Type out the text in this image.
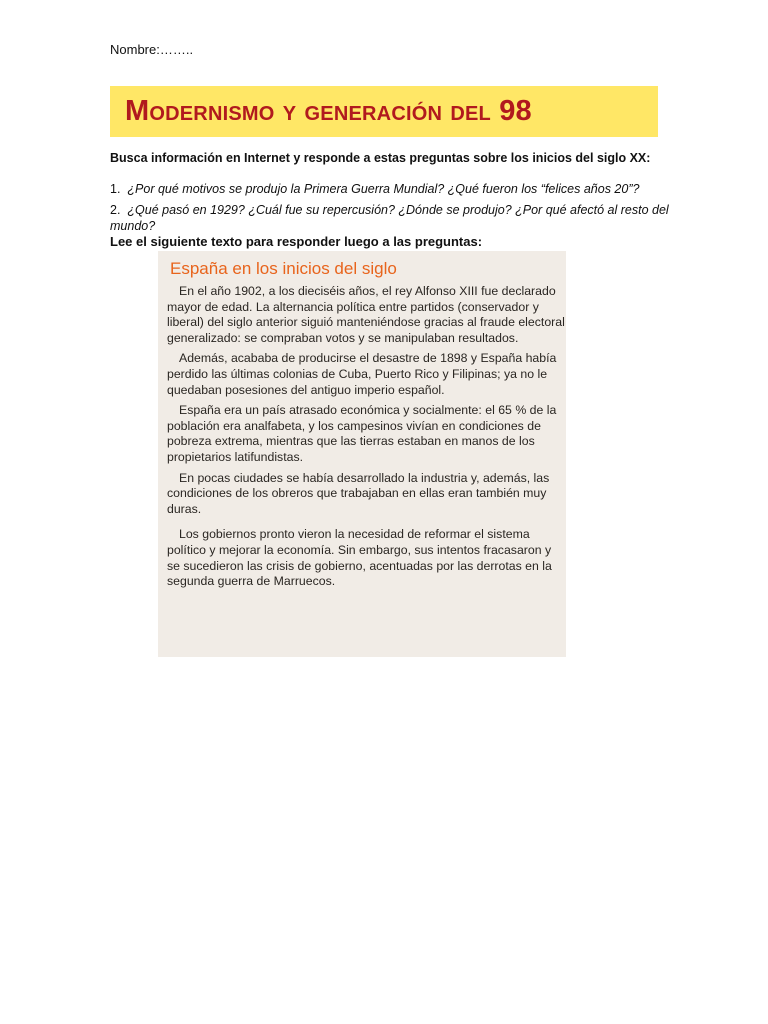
Nombre:……..
Modernismo y generación del 98
Busca información en Internet y responde a estas preguntas sobre los inicios del siglo XX:
1. ¿Por qué motivos se produjo la Primera Guerra Mundial? ¿Qué fueron los “felices años 20”?
2. ¿Qué pasó en 1929? ¿Cuál fue su repercusión? ¿Dónde se produjo? ¿Por qué afectó al resto del mundo?
Lee el siguiente texto para responder luego a las preguntas:
España en los inicios del siglo

En el año 1902, a los dieciséis años, el rey Alfonso XIII fue declarado mayor de edad. La alternancia política entre partidos (conservador y liberal) del siglo anterior siguió manteniéndose gracias al fraude electoral generalizado: se compraban votos y se manipulaban resultados.

Además, acababa de producirse el desastre de 1898 y España había perdido las últimas colonias de Cuba, Puerto Rico y Filipinas; ya no le quedaban posesiones del antiguo imperio español.

España era un país atrasado económica y socialmente: el 65 % de la población era analfabeta, y los campesinos vivían en condiciones de pobreza extrema, mientras que las tierras estaban en manos de los propietarios latifundistas.

En pocas ciudades se había desarrollado la industria y, además, las condiciones de los obreros que trabajaban en ellas eran también muy duras.

Los gobiernos pronto vieron la necesidad de reformar el sistema político y mejorar la economía. Sin embargo, sus intentos fracasaron y se sucedieron las crisis de gobierno, acentuadas por las derrotas en la segunda guerra de Marruecos.
